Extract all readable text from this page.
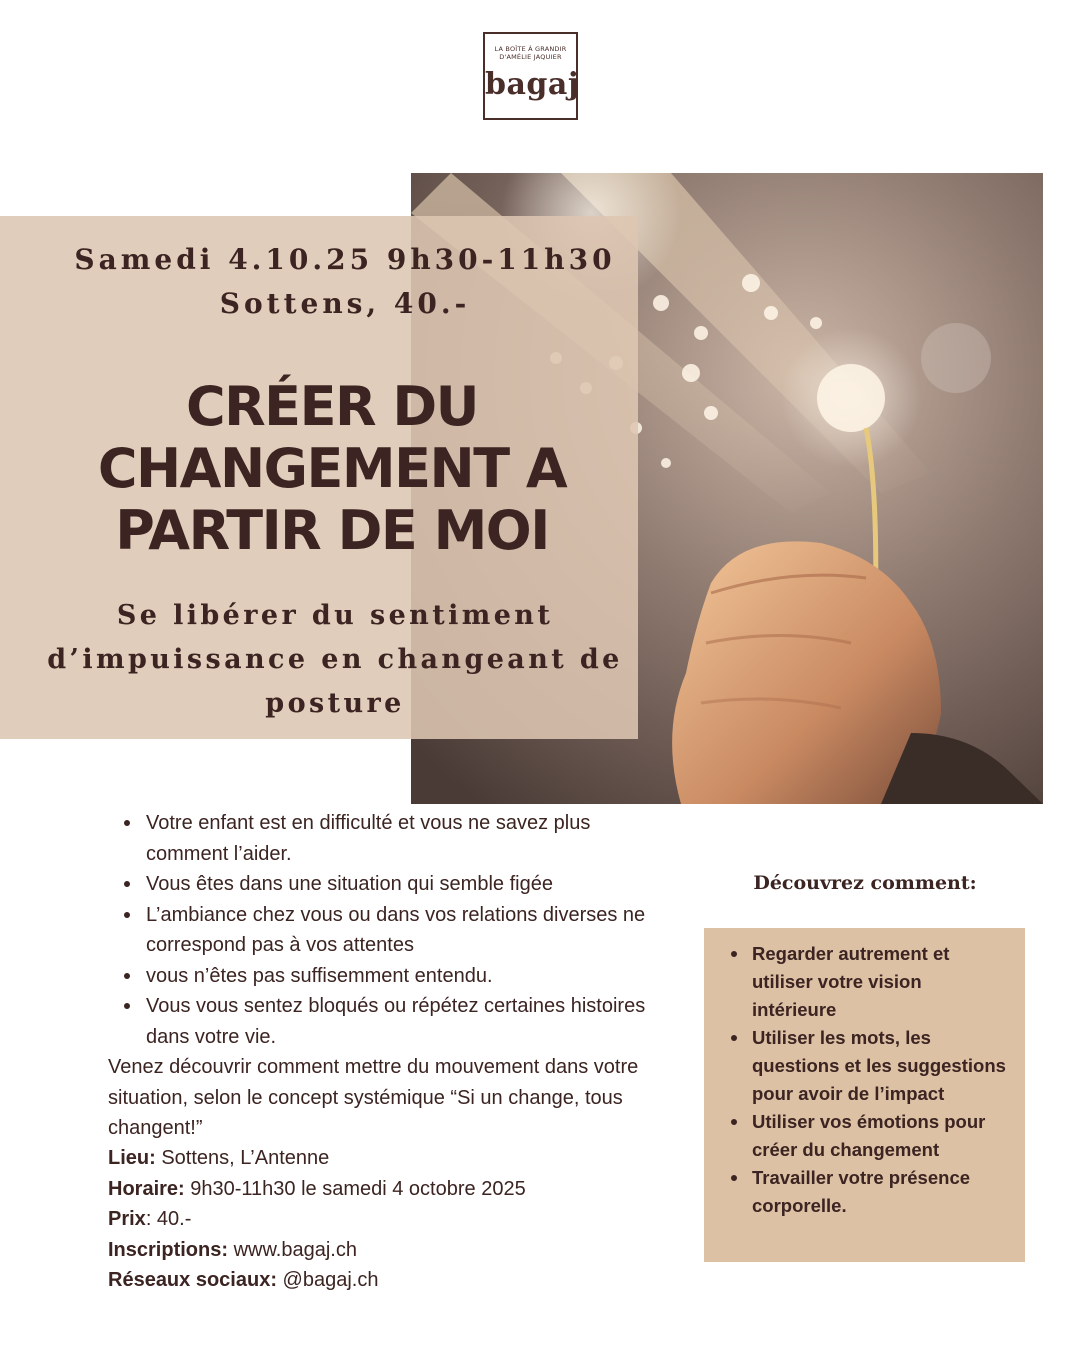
LA BOÎTE À GRANDIR
D'AMÉLIE JAQUIER
bagaj
Samedi 4.10.25 9h30-11h30
Sottens, 40.-
CRÉER DU
CHANGEMENT A
PARTIR DE MOI
Se libérer du sentiment d’impuissance en changeant de posture
Votre enfant est en difficulté et vous ne savez plus comment l’aider.
Vous êtes dans une situation qui semble figée
L’ambiance chez vous ou dans vos relations diverses ne correspond pas à vos attentes
vous n’êtes pas suffisemment entendu.
Vous vous sentez bloqués ou répétez certaines histoires dans votre vie.
Venez découvrir comment mettre du mouvement dans votre situation, selon le concept systémique “Si un change, tous changent!”
Lieu: Sottens, L’Antenne
Horaire: 9h30-11h30 le samedi 4 octobre 2025
Prix: 40.-
Inscriptions: www.bagaj.ch
Réseaux sociaux: @bagaj.ch
Découvrez comment:
Regarder autrement et utiliser votre vision intérieure
Utiliser les mots, les questions et les suggestions pour avoir de l’impact
Utiliser vos émotions pour créer du changement
Travailler votre présence corporelle.
